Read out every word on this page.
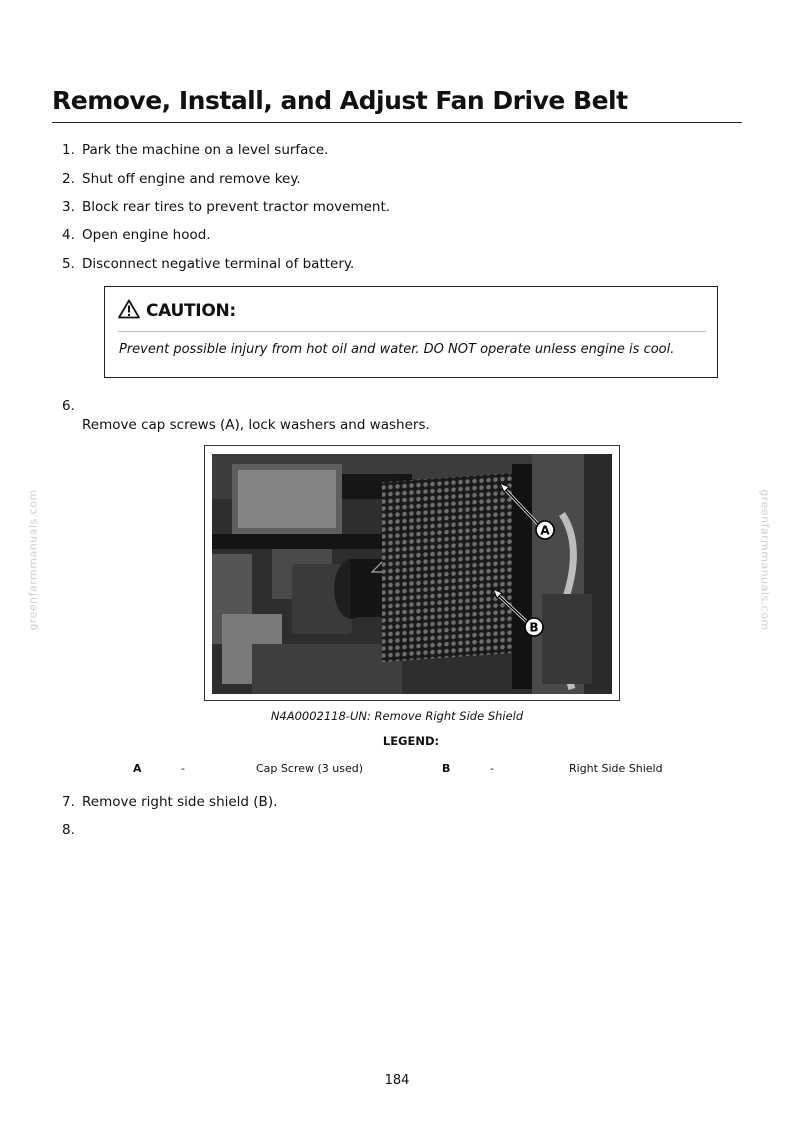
Remove, Install, and Adjust Fan Drive Belt
1. Park the machine on a level surface.
2. Shut off engine and remove key.
3. Block rear tires to prevent tractor movement.
4. Open engine hood.
5. Disconnect negative terminal of battery.
CAUTION:
Prevent possible injury from hot oil and water. DO NOT operate unless engine is cool.
6.
Remove cap screws (A), lock washers and washers.
A
B
N4A0002118-UN: Remove Right Side Shield
LEGEND:
A	-	Cap Screw (3 used)	B	-	Right Side Shield
7. Remove right side shield (B).
8.
greenfarmmanuals.com	greenfarmmanuals.com
184
